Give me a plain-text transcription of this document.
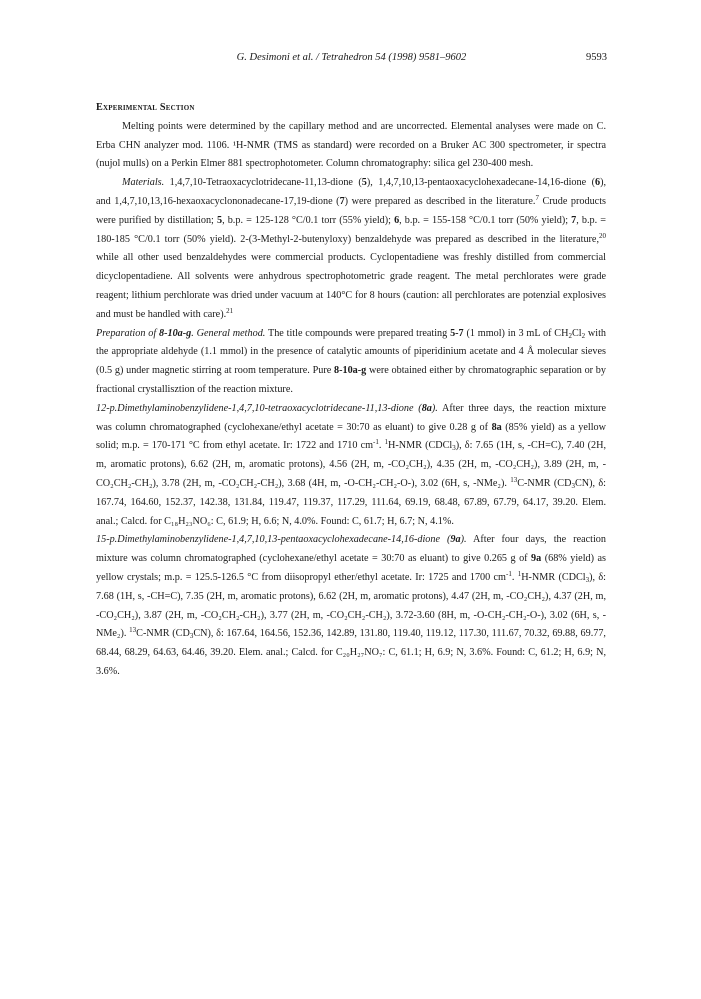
G. Desimoni et al. / Tetrahedron 54 (1998) 9581–9602	9593

Experimental Section

Melting points were determined by the capillary method and are uncorrected. Elemental analyses were made on C. Erba CHN analyzer mod. 1106. ¹H-NMR (TMS as standard) were recorded on a Bruker AC 300 spectrometer, ir spectra (nujol mulls) on a Perkin Elmer 881 spectrophotometer. Column chromatography: silica gel 230-400 mesh.

Materials. 1,4,7,10-Tetraoxacyclotridecane-11,13-dione (5), 1,4,7,10,13-pentaoxacyclohexadecane-14,16-dione (6), and 1,4,7,10,13,16-hexaoxacyclononadecane-17,19-dione (7) were prepared as described in the literature.$^7$ Crude products were purified by distillation; 5, b.p. = 125-128 °C/0.1 torr (55% yield); 6, b.p. = 155-158 °C/0.1 torr (50% yield); 7, b.p. = 180-185 °C/0.1 torr (50% yield). 2-(3-Methyl-2-butenyloxy) benzaldehyde was prepared as described in the literature,$^{20}$ while all other used benzaldehydes were commercial products. Cyclopentadiene was freshly distilled from commercial dicyclopentadiene. All solvents were anhydrous spectrophotometric grade reagent. The metal perchlorates were grade reagent; lithium perchlorate was dried under vacuum at 140°C for 8 hours (caution: all perchlorates are potenzial explosives and must be handled with care).$^{21}$

Preparation of 8-10a-g. General method. The title compounds were prepared treating 5-7 (1 mmol) in 3 mL of $CH_2Cl_2$ with the appropriate aldehyde (1.1 mmol) in the presence of catalytic amounts of piperidinium acetate and 4 Å molecular sieves (0.5 g) under magnetic stirring at room temperature. Pure 8-10a-g were obtained either by chromatographic separation or by fractional crystallisztion of the reaction mixture.

12-p.Dimethylaminobenzylidene-1,4,7,10-tetraoxacyclotridecane-11,13-dione (8a). After three days, the reaction mixture was column chromatographed (cyclohexane/ethyl acetate = 30:70 as eluant) to give 0.28 g of 8a (85% yield) as a yellow solid; m.p. = 170-171 °C from ethyl acetate. Ir: 1722 and 1710 $cm^{-1}$. $^1$H-NMR (CDCl$_3$), δ: 7.65 (1H, s, -CH=C), 7.40 (2H, m, aromatic protons), 6.62 (2H, m, aromatic protons), 4.56 (2H, m, -CO₂CH₂), 4.35 (2H, m, -CO₂CH₂), 3.89 (2H, m, -CO₂CH₂-CH₂), 3.78 (2H, m, -CO₂CH₂-CH₂), 3.68 (4H, m, -O-CH₂-CH₂-O-), 3.02 (6H, s, -NMe₂). $^{13}$C-NMR $(CD_3CN)$, δ: 167.74, 164.60, 152.37, 142.38, 131.84, 119.47, 119.37, 117.29, 111.64, 69.19, 68.48, 67.89, 67.79, 64.17, 39.20. Elem. anal.; Calcd. for C₁₈H₂₃NO₆: C, 61.9; H, 6.6; N, 4.0%. Found: C, 61.7; H, 6.7; N, 4.1%.

15-p.Dimethylaminobenzylidene-1,4,7,10,13-pentaoxacyclohexadecane-14,16-dione (9a). After four days, the reaction mixture was column chromatographed (cyclohexane/ethyl acetate = 30:70 as eluant) to give 0.265 g of 9a (68% yield) as yellow crystals; m.p. = 125.5-126.5 °C from diisopropyl ether/ethyl acetate. Ir: 1725 and 1700 $cm^{-1}$. $^1$H-NMR (CDCl$_3$), δ: 7.68 (1H, s, -CH=C), 7.35 (2H, m, aromatic protons), 6.62 (2H, m, aromatic protons), 4.47 (2H, m, -CO₂CH₂), 4.37 (2H, m, -CO₂CH₂), 3.87 (2H, m, -CO₂CH₂-CH₂), 3.77 (2H, m, -CO₂CH₂-CH₂), 3.72-3.60 (8H, m, -O-CH₂-CH₂-O-), 3.02 (6H, s, -NMe₂). $^{13}$C-NMR $(CD_3CN)$, δ: 167.64, 164.56, 152.36, 142.89, 131.80, 119.40, 119.12, 117.30, 111.67, 70.32, 69.88, 69.77, 68.44, 68.29, 64.63, 64.46, 39.20. Elem. anal.; Calcd. for C₂₀H₂₇NO₇: C, 61.1; H, 6.9; N, 3.6%. Found: C, 61.2; H, 6.9; N, 3.6%.
